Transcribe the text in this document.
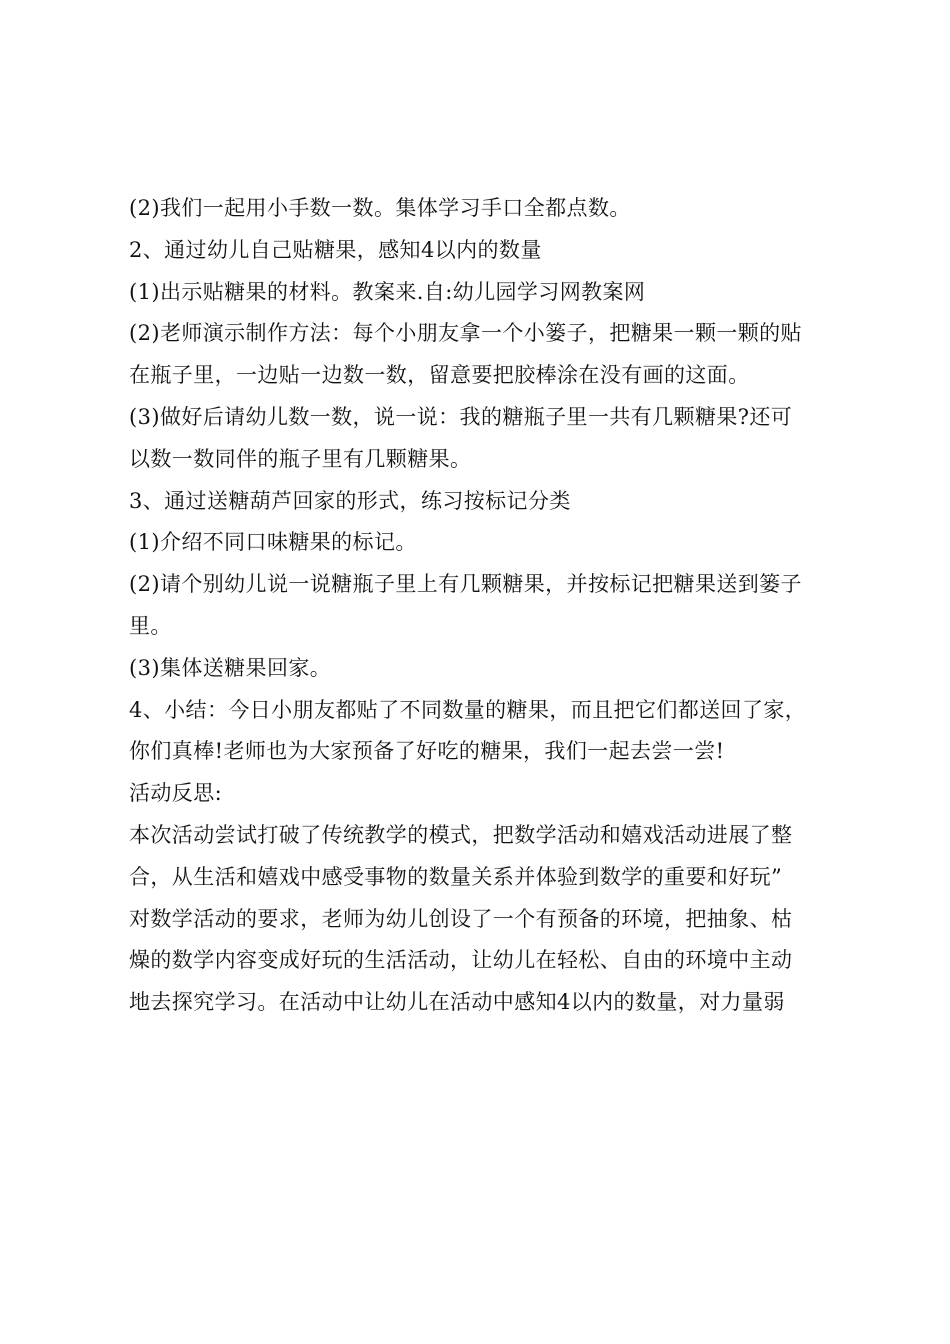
(2)我们一起用小手数一数。集体学习手口全都点数。
2、通过幼儿自己贴糖果，感知4以内的数量
(1)出示贴糖果的材料。教案来.自:幼儿园学习网教案网
(2)老师演示制作方法：每个小朋友拿一个小篓子，把糖果一颗一颗的贴
在瓶子里，一边贴一边数一数，留意要把胶棒涂在没有画的这面。
(3)做好后请幼儿数一数，说一说：我的糖瓶子里一共有几颗糖果?还可
以数一数同伴的瓶子里有几颗糖果。
3、通过送糖葫芦回家的形式，练习按标记分类
(1)介绍不同口味糖果的标记。
(2)请个别幼儿说一说糖瓶子里上有几颗糖果，并按标记把糖果送到篓子
里。
(3)集体送糖果回家。
4、小结：今日小朋友都贴了不同数量的糖果，而且把它们都送回了家，
你们真棒!老师也为大家预备了好吃的糖果，我们一起去尝一尝!
活动反思:
本次活动尝试打破了传统教学的模式，把数学活动和嬉戏活动进展了整
合，从生活和嬉戏中感受事物的数量关系并体验到数学的重要和好玩”
对数学活动的要求，老师为幼儿创设了一个有预备的环境，把抽象、枯
燥的数学内容变成好玩的生活活动，让幼儿在轻松、自由的环境中主动
地去探究学习。在活动中让幼儿在活动中感知4以内的数量，对力量弱
